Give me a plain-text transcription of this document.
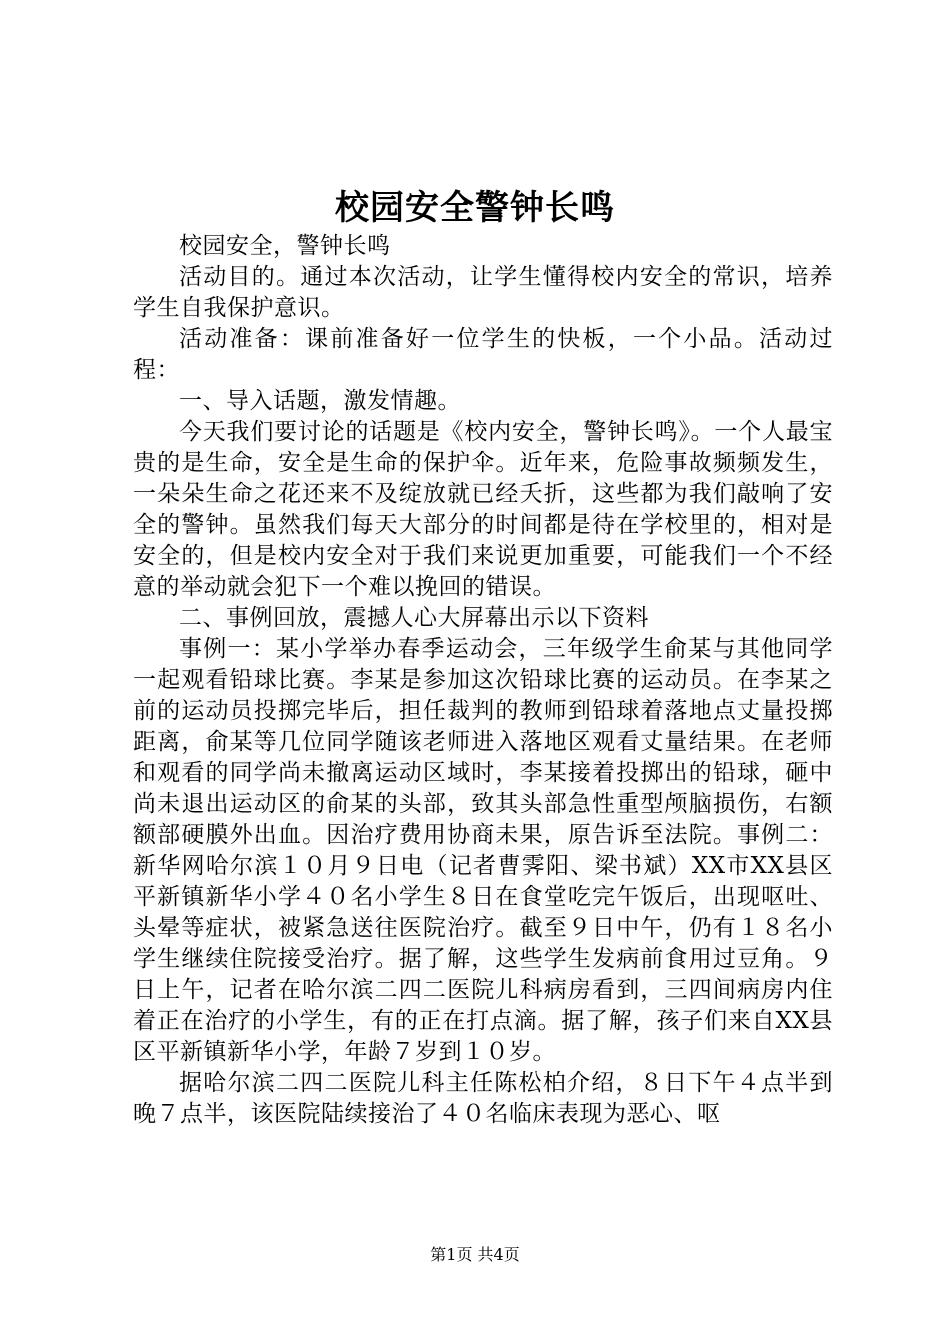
校园安全警钟长鸣

校园安全，警钟长鸣

活动目的。通过本次活动，让学生懂得校内安全的常识，培养学生自我保护意识。

活动准备：课前准备好一位学生的快板，一个小品。活动过程：

一、导入话题，激发情趣。

今天我们要讨论的话题是《校内安全，警钟长鸣》。一个人最宝贵的是生命，安全是生命的保护伞。近年来，危险事故频频发生，一朵朵生命之花还来不及绽放就已经夭折，这些都为我们敲响了安全的警钟。虽然我们每天大部分的时间都是待在学校里的，相对是安全的，但是校内安全对于我们来说更加重要，可能我们一个不经意的举动就会犯下一个难以挽回的错误。

二、事例回放，震撼人心大屏幕出示以下资料

事例一：某小学举办春季运动会，三年级学生俞某与其他同学一起观看铅球比赛。李某是参加这次铅球比赛的运动员。在李某之前的运动员投掷完毕后，担任裁判的教师到铅球着落地点丈量投掷距离，俞某等几位同学随该老师进入落地区观看丈量结果。在老师和观看的同学尚未撤离运动区域时，李某接着投掷出的铅球，砸中尚未退出运动区的俞某的头部，致其头部急性重型颅脑损伤，右额额部硬膜外出血。因治疗费用协商未果，原告诉至法院。事例二：新华网哈尔滨１０月９日电（记者曹霁阳、梁书斌）XX市XX县区平新镇新华小学４０名小学生８日在食堂吃完午饭后，出现呕吐、头晕等症状，被紧急送往医院治疗。截至９日中午，仍有１８名小学生继续住院接受治疗。据了解，这些学生发病前食用过豆角。９日上午，记者在哈尔滨二四二医院儿科病房看到，三四间病房内住着正在治疗的小学生，有的正在打点滴。据了解，孩子们来自XX县区平新镇新华小学，年龄７岁到１０岁。

据哈尔滨二四二医院儿科主任陈松柏介绍，８日下午４点半到晚７点半，该医院陆续接治了４０名临床表现为恶心、呕

第1页 共4页
